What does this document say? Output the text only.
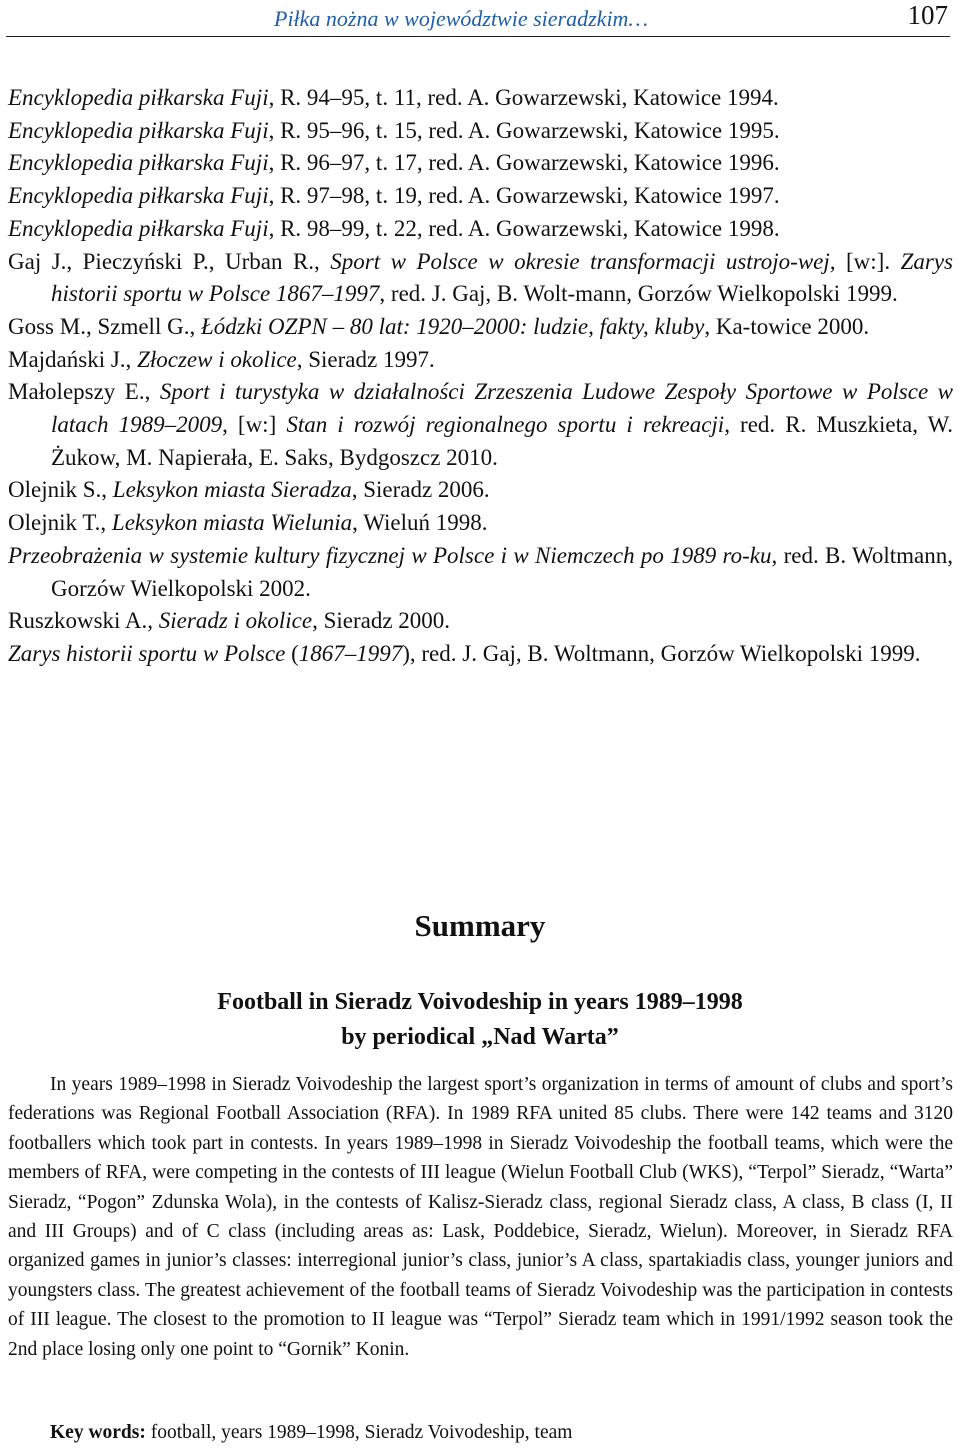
Piłka nożna w województwie sieradzkim…	107
Encyklopedia piłkarska Fuji, R. 94–95, t. 11, red. A. Gowarzewski, Katowice 1994.
Encyklopedia piłkarska Fuji, R. 95–96, t. 15, red. A. Gowarzewski, Katowice 1995.
Encyklopedia piłkarska Fuji, R. 96–97, t. 17, red. A. Gowarzewski, Katowice 1996.
Encyklopedia piłkarska Fuji, R. 97–98, t. 19, red. A. Gowarzewski, Katowice 1997.
Encyklopedia piłkarska Fuji, R. 98–99, t. 22, red. A. Gowarzewski, Katowice 1998.
Gaj J., Pieczyński P., Urban R., Sport w Polsce w okresie transformacji ustrojo-wej, [w:]. Zarys historii sportu w Polsce 1867–1997, red. J. Gaj, B. Wolt-mann, Gorzów Wielkopolski 1999.
Goss M., Szmell G., Łódzki OZPN – 80 lat: 1920–2000: ludzie, fakty, kluby, Ka-towice 2000.
Majdański J., Złoczew i okolice, Sieradz 1997.
Małolepszy E., Sport i turystyka w działalności Zrzeszenia Ludowe Zespoły Sportowe w Polsce w latach 1989–2009, [w:] Stan i rozwój regionalnego sportu i rekreacji, red. R. Muszkieta, W. Żukow, M. Napierała, E. Saks, Bydgoszcz 2010.
Olejnik S., Leksykon miasta Sieradza, Sieradz 2006.
Olejnik T., Leksykon miasta Wielunia, Wieluń 1998.
Przeobrażenia w systemie kultury fizycznej w Polsce i w Niemczech po 1989 ro-ku, red. B. Woltmann, Gorzów Wielkopolski 2002.
Ruszkowski A., Sieradz i okolice, Sieradz 2000.
Zarys historii sportu w Polsce (1867–1997), red. J. Gaj, B. Woltmann, Gorzów Wielkopolski 1999.
Summary
Football in Sieradz Voivodeship in years 1989–1998
by periodical „Nad Warta”

In years 1989–1998 in Sieradz Voivodeship the largest sport’s organization in terms of amount of clubs and sport’s federations was Regional Football Association (RFA). In 1989 RFA united 85 clubs. There were 142 teams and 3120 footballers which took part in contests. In years 1989–1998 in Sieradz Voivodeship the football teams, which were the members of RFA, were competing in the contests of III league (Wielun Football Club (WKS), “Terpol” Sieradz, “Warta” Sieradz, “Pogon” Zdunska Wola), in the contests of Kalisz-Sieradz class, regional Sieradz class, A class, B class (I, II and III Groups) and of C class (including areas as: Lask, Poddebice, Sieradz, Wielun). Moreover, in Sieradz RFA organized games in junior’s classes: interregional junior’s class, junior’s A class, spartakiadis class, younger juniors and youngsters class. The greatest achievement of the football teams of Sieradz Voivodeship was the participation in contests of III league. The closest to the promotion to II league was “Terpol” Sieradz team which in 1991/1992 season took the 2nd place losing only one point to “Gornik” Konin.

Key words: football, years 1989–1998, Sieradz Voivodeship, team
